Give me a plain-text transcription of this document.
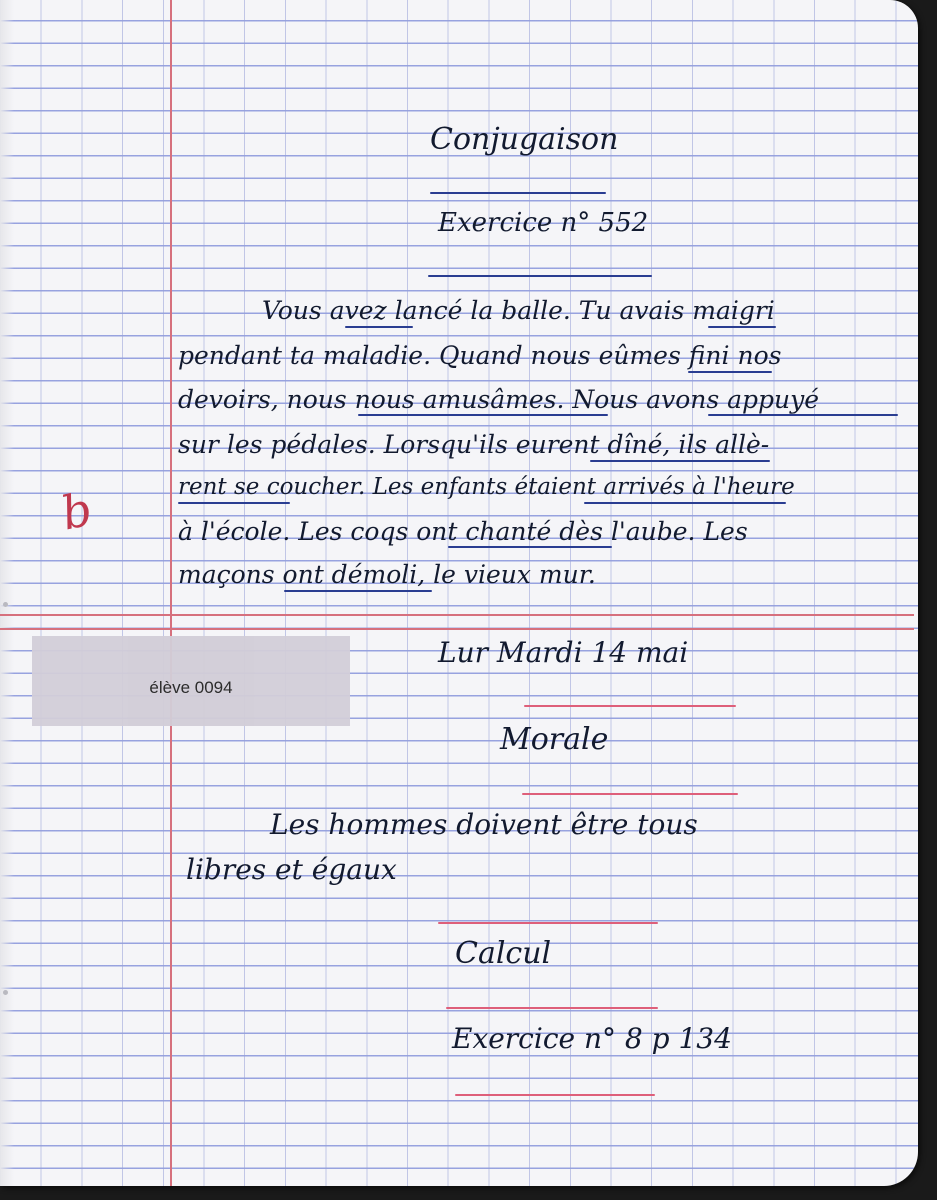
Conjugaison
Exercice n° 552
Vous avez lancé la balle. Tu avais maigri
pendant ta maladie. Quand nous eûmes fini nos
devoirs, nous nous amusâmes. Nous avons appuyé
sur les pédales. Lorsqu'ils eurent dîné, ils allè-
rent se coucher. Les enfants étaient arrivés à l'heure
à l'école. Les coqs ont chanté dès l'aube. Les
maçons ont démoli, le vieux mur.
b
élève 0094
Lur Mardi 14 mai
Morale
Les hommes doivent être tous
libres et égaux
Calcul
Exercice n° 8 p 134
